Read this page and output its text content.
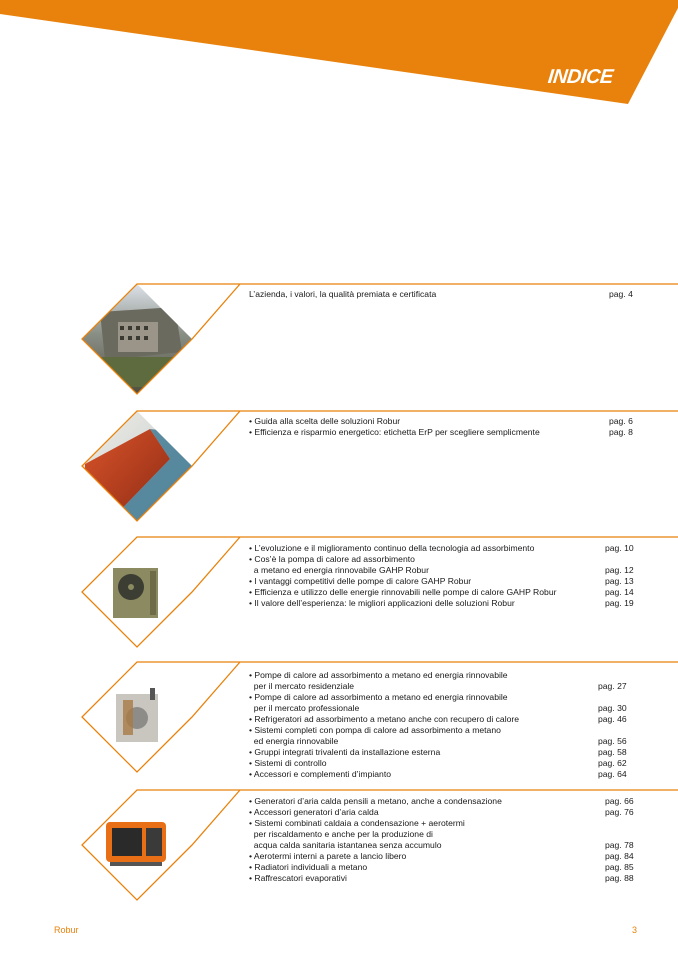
INDICE
L’azienda, i valori, la qualità premiata e certificata	pag. 4
• Guida alla scelta delle soluzioni Robur	pag. 6
• Efficienza e risparmio energetico: etichetta ErP per scegliere semplicmente	pag. 8
• L’evoluzione e il miglioramento continuo della tecnologia ad assorbimento	pag. 10
• Cos’è la pompa di calore ad assorbimento
a metano ed energia rinnovabile GAHP Robur	pag. 12
• I vantaggi competitivi delle pompe di calore GAHP Robur	pag. 13
• Efficienza e utilizzo delle energie rinnovabili nelle pompe di calore GAHP Robur	pag. 14
• Il valore dell’esperienza: le migliori applicazioni delle soluzioni Robur	pag. 19
• Pompe di calore ad assorbimento a metano ed energia rinnovabile
per il mercato residenziale	pag. 27
• Pompe di calore ad assorbimento a metano ed energia rinnovabile
per il mercato professionale	pag. 30
• Refrigeratori ad assorbimento a metano anche con recupero di calore	pag. 46
• Sistemi completi con pompa di calore ad assorbimento a metano
ed energia rinnovabile	pag. 56
• Gruppi integrati trivalenti da installazione esterna	pag. 58
• Sistemi di controllo	pag. 62
• Accessori e complementi d’impianto	pag. 64
• Generatori d’aria calda pensili a metano, anche a condensazione	pag. 66
• Accessori generatori d’aria calda	pag. 76
• Sistemi combinati caldaia a condensazione + aerotermi
per riscaldamento e anche per la produzione di
acqua calda sanitaria istantanea senza accumulo	pag. 78
• Aerotermi interni a parete a lancio libero	pag. 84
• Radiatori individuali a metano	pag. 85
• Raffrescatori evaporativi	pag. 88
Robur	3
